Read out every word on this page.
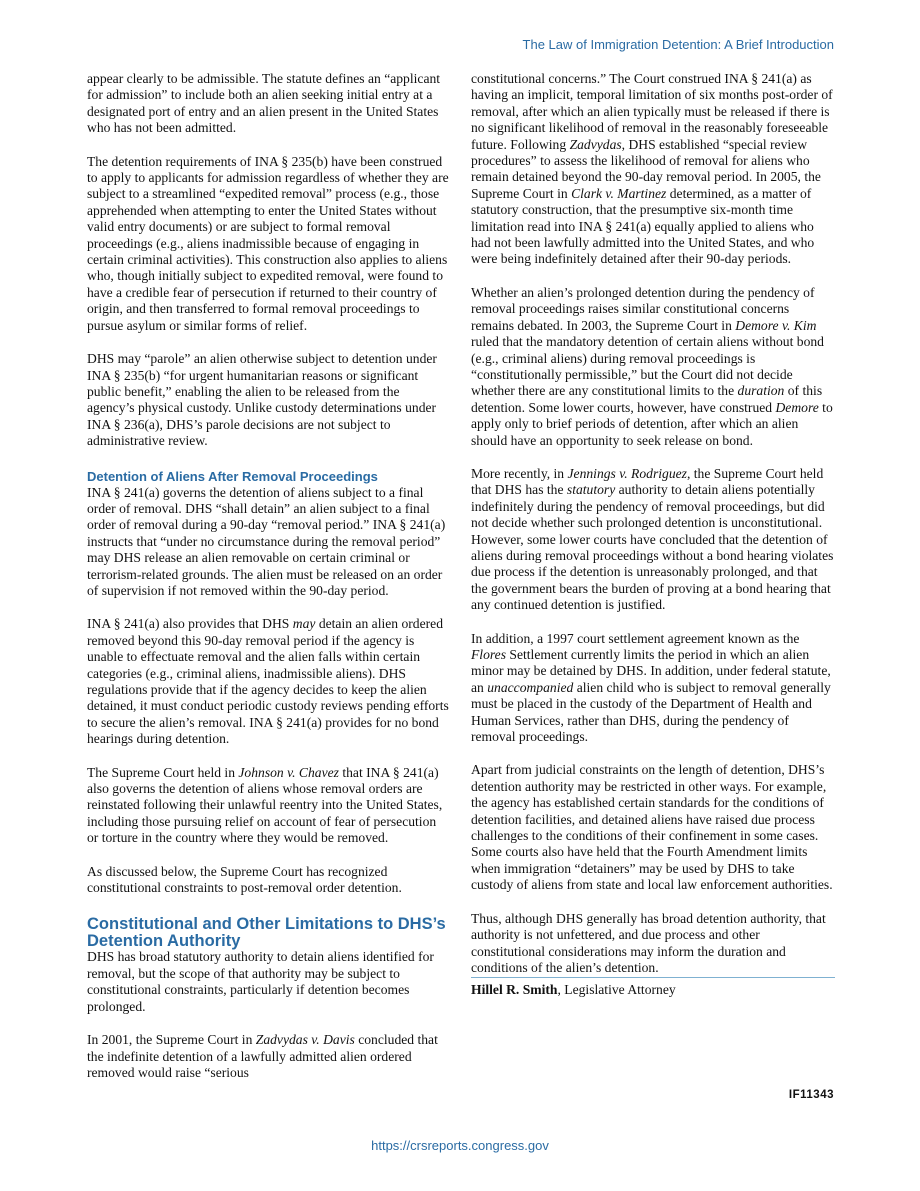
The Law of Immigration Detention: A Brief Introduction

appear clearly to be admissible. The statute defines an “applicant for admission” to include both an alien seeking initial entry at a designated port of entry and an alien present in the United States who has not been admitted.

The detention requirements of INA § 235(b) have been construed to apply to applicants for admission regardless of whether they are subject to a streamlined “expedited removal” process (e.g., those apprehended when attempting to enter the United States without valid entry documents) or are subject to formal removal proceedings (e.g., aliens inadmissible because of engaging in certain criminal activities). This construction also applies to aliens who, though initially subject to expedited removal, were found to have a credible fear of persecution if returned to their country of origin, and then transferred to formal removal proceedings to pursue asylum or similar forms of relief.

DHS may “parole” an alien otherwise subject to detention under INA § 235(b) “for urgent humanitarian reasons or significant public benefit,” enabling the alien to be released from the agency’s physical custody. Unlike custody determinations under INA § 236(a), DHS’s parole decisions are not subject to administrative review.

Detention of Aliens After Removal Proceedings

INA § 241(a) governs the detention of aliens subject to a final order of removal. DHS “shall detain” an alien subject to a final order of removal during a 90-day “removal period.” INA § 241(a) instructs that “under no circumstance during the removal period” may DHS release an alien removable on certain criminal or terrorism-related grounds. The alien must be released on an order of supervision if not removed within the 90-day period.

INA § 241(a) also provides that DHS may detain an alien ordered removed beyond this 90-day removal period if the agency is unable to effectuate removal and the alien falls within certain categories (e.g., criminal aliens, inadmissible aliens). DHS regulations provide that if the agency decides to keep the alien detained, it must conduct periodic custody reviews pending efforts to secure the alien’s removal. INA § 241(a) provides for no bond hearings during detention.

The Supreme Court held in Johnson v. Chavez that INA § 241(a) also governs the detention of aliens whose removal orders are reinstated following their unlawful reentry into the United States, including those pursuing relief on account of fear of persecution or torture in the country where they would be removed.

As discussed below, the Supreme Court has recognized constitutional constraints to post-removal order detention.

Constitutional and Other Limitations to DHS’s Detention Authority

DHS has broad statutory authority to detain aliens identified for removal, but the scope of that authority may be subject to constitutional constraints, particularly if detention becomes prolonged.

In 2001, the Supreme Court in Zadvydas v. Davis concluded that the indefinite detention of a lawfully admitted alien ordered removed would raise “serious

constitutional concerns.” The Court construed INA § 241(a) as having an implicit, temporal limitation of six months post-order of removal, after which an alien typically must be released if there is no significant likelihood of removal in the reasonably foreseeable future. Following Zadvydas, DHS established “special review procedures” to assess the likelihood of removal for aliens who remain detained beyond the 90-day removal period. In 2005, the Supreme Court in Clark v. Martinez determined, as a matter of statutory construction, that the presumptive six-month time limitation read into INA § 241(a) equally applied to aliens who had not been lawfully admitted into the United States, and who were being indefinitely detained after their 90-day periods.

Whether an alien’s prolonged detention during the pendency of removal proceedings raises similar constitutional concerns remains debated. In 2003, the Supreme Court in Demore v. Kim ruled that the mandatory detention of certain aliens without bond (e.g., criminal aliens) during removal proceedings is “constitutionally permissible,” but the Court did not decide whether there are any constitutional limits to the duration of this detention. Some lower courts, however, have construed Demore to apply only to brief periods of detention, after which an alien should have an opportunity to seek release on bond.

More recently, in Jennings v. Rodriguez, the Supreme Court held that DHS has the statutory authority to detain aliens potentially indefinitely during the pendency of removal proceedings, but did not decide whether such prolonged detention is unconstitutional. However, some lower courts have concluded that the detention of aliens during removal proceedings without a bond hearing violates due process if the detention is unreasonably prolonged, and that the government bears the burden of proving at a bond hearing that any continued detention is justified.

In addition, a 1997 court settlement agreement known as the Flores Settlement currently limits the period in which an alien minor may be detained by DHS. In addition, under federal statute, an unaccompanied alien child who is subject to removal generally must be placed in the custody of the Department of Health and Human Services, rather than DHS, during the pendency of removal proceedings.

Apart from judicial constraints on the length of detention, DHS’s detention authority may be restricted in other ways. For example, the agency has established certain standards for the conditions of detention facilities, and detained aliens have raised due process challenges to the conditions of their confinement in some cases. Some courts also have held that the Fourth Amendment limits when immigration “detainers” may be used by DHS to take custody of aliens from state and local law enforcement authorities.

Thus, although DHS generally has broad detention authority, that authority is not unfettered, and due process and other constitutional considerations may inform the duration and conditions of the alien’s detention.

Hillel R. Smith, Legislative Attorney

IF11343
https://crsreports.congress.gov
